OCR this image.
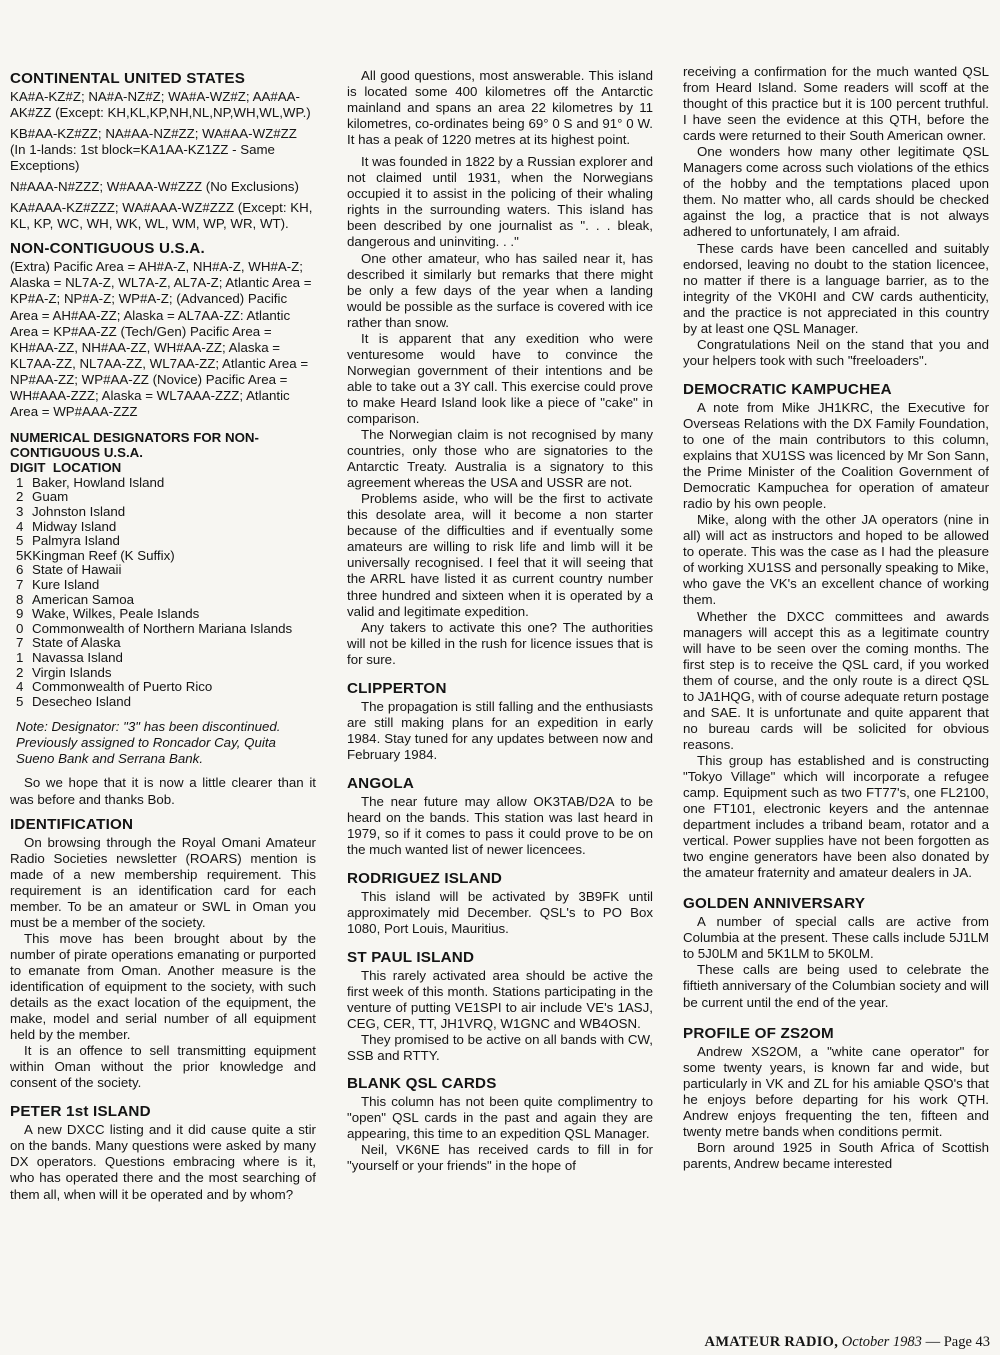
CONTINENTAL UNITED STATES

KA#A-KZ#Z; NA#A-NZ#Z; WA#A-WZ#Z; AA#AA-AK#ZZ (Except: KH,KL,KP,NH,NL,NP,WH,WL,WP.)

KB#AA-KZ#ZZ; NA#AA-NZ#ZZ; WA#AA-WZ#ZZ (In 1-lands: 1st block=KA1AA-KZ1ZZ - Same Exceptions)

N#AAA-N#ZZZ; W#AAA-W#ZZZ (No Exclusions)

KA#AAA-KZ#ZZZ; WA#AAA-WZ#ZZZ (Except: KH, KL, KP, WC, WH, WK, WL, WM, WP, WR, WT).

NON-CONTIGUOUS U.S.A.

(Extra) Pacific Area = AH#A-Z, NH#A-Z, WH#A-Z; Alaska = NL7A-Z, WL7A-Z, AL7A-Z; Atlantic Area = KP#A-Z; NP#A-Z; WP#A-Z; (Advanced) Pacific Area = AH#AA-ZZ; Alaska = AL7AA-ZZ: Atlantic Area = KP#AA-ZZ (Tech/Gen) Pacific Area = KH#AA-ZZ, NH#AA-ZZ, WH#AA-ZZ; Alaska = KL7AA-ZZ, NL7AA-ZZ, WL7AA-ZZ; Atlantic Area = NP#AA-ZZ; WP#AA-ZZ (Novice) Pacific Area = WH#AAA-ZZZ; Alaska = WL7AAA-ZZZ; Atlantic Area = WP#AAA-ZZZ

NUMERICAL DESIGNATORS FOR NON-
CONTIGUOUS U.S.A.
DIGIT  LOCATION
1 Baker, Howland Island
2 Guam
3 Johnston Island
4 Midway Island
5 Palmyra Island
5KKingman Reef (K Suffix)
6 State of Hawaii
7 Kure Island
8 American Samoa
9 Wake, Wilkes, Peale Islands
0 Commonwealth of Northern Mariana Islands
7 State of Alaska
1 Navassa Island
2 Virgin Islands
4 Commonwealth of Puerto Rico
5 Desecheo Island

Note: Designator: "3" has been discontinued. Previously assigned to Roncador Cay, Quita Sueno Bank and Serrana Bank.

So we hope that it is now a little clearer than it was before and thanks Bob.

IDENTIFICATION

On browsing through the Royal Omani Amateur Radio Societies newsletter (ROARS) mention is made of a new membership requirement. This requirement is an identification card for each member. To be an amateur or SWL in Oman you must be a member of the society.

This move has been brought about by the number of pirate operations emanating or purported to emanate from Oman. Another measure is the identification of equipment to the society, with such details as the exact location of the equipment, the make, model and serial number of all equipment held by the member.

It is an offence to sell transmitting equipment within Oman without the prior knowledge and consent of the society.

PETER 1st ISLAND

A new DXCC listing and it did cause quite a stir on the bands. Many questions were asked by many DX operators. Questions embracing where is it, who has operated there and the most searching of them all, when will it be operated and by whom?

All good questions, most answerable. This island is located some 400 kilometres off the Antarctic mainland and spans an area 22 kilometres by 11 kilometres, co-ordinates being 69° 0 S and 91° 0 W. It has a peak of 1220 metres at its highest point.

It was founded in 1822 by a Russian explorer and not claimed until 1931, when the Norwegians occupied it to assist in the policing of their whaling rights in the surrounding waters. This island has been described by one journalist as ". . . bleak, dangerous and uninviting. . ."

One other amateur, who has sailed near it, has described it similarly but remarks that there might be only a few days of the year when a landing would be possible as the surface is covered with ice rather than snow.

It is apparent that any exedition who were venturesome would have to convince the Norwegian government of their intentions and be able to take out a 3Y call. This exercise could prove to make Heard Island look like a piece of "cake" in comparison.

The Norwegian claim is not recognised by many countries, only those who are signatories to the Antarctic Treaty. Australia is a signatory to this agreement whereas the USA and USSR are not.

Problems aside, who will be the first to activate this desolate area, will it become a non starter because of the difficulties and if eventually some amateurs are willing to risk life and limb will it be universally recognised. I feel that it will seeing that the ARRL have listed it as current country number three hundred and sixteen when it is operated by a valid and legitimate expedition.

Any takers to activate this one? The authorities will not be killed in the rush for licence issues that is for sure.

CLIPPERTON

The propagation is still falling and the enthusiasts are still making plans for an expedition in early 1984. Stay tuned for any updates between now and February 1984.

ANGOLA

The near future may allow OK3TAB/D2A to be heard on the bands. This station was last heard in 1979, so if it comes to pass it could prove to be on the much wanted list of newer licencees.

RODRIGUEZ ISLAND

This island will be activated by 3B9FK until approximately mid December. QSL's to PO Box 1080, Port Louis, Mauritius.

ST PAUL ISLAND

This rarely activated area should be active the first week of this month. Stations participating in the venture of putting VE1SPI to air include VE's 1ASJ, CEG, CER, TT, JH1VRQ, W1GNC and WB4OSN.

They promised to be active on all bands with CW, SSB and RTTY.

BLANK QSL CARDS

This column has not been quite complimentry to "open" QSL cards in the past and again they are appearing, this time to an expedition QSL Manager.

Neil, VK6NE has received cards to fill in for "yourself or your friends" in the hope of

receiving a confirmation for the much wanted QSL from Heard Island. Some readers will scoff at the thought of this practice but it is 100 percent truthful. I have seen the evidence at this QTH, before the cards were returned to their South American owner.

One wonders how many other legitimate QSL Managers come across such violations of the ethics of the hobby and the temptations placed upon them. No matter who, all cards should be checked against the log, a practice that is not always adhered to unfortunately, I am afraid.

These cards have been cancelled and suitably endorsed, leaving no doubt to the station licencee, no matter if there is a language barrier, as to the integrity of the VK0HI and CW cards authenticity, and the practice is not appreciated in this country by at least one QSL Manager.

Congratulations Neil on the stand that you and your helpers took with such "freeloaders".

DEMOCRATIC KAMPUCHEA

A note from Mike JH1KRC, the Executive for Overseas Relations with the DX Family Foundation, to one of the main contributors to this column, explains that XU1SS was licenced by Mr Son Sann, the Prime Minister of the Coalition Government of Democratic Kampuchea for operation of amateur radio by his own people.

Mike, along with the other JA operators (nine in all) will act as instructors and hoped to be allowed to operate. This was the case as I had the pleasure of working XU1SS and personally speaking to Mike, who gave the VK's an excellent chance of working them.

Whether the DXCC committees and awards managers will accept this as a legitimate country will have to be seen over the coming months. The first step is to receive the QSL card, if you worked them of course, and the only route is a direct QSL to JA1HQG, with of course adequate return postage and SAE. It is unfortunate and quite apparent that no bureau cards will be solicited for obvious reasons.

This group has established and is constructing "Tokyo Village" which will incorporate a refugee camp. Equipment such as two FT77's, one FL2100, one FT101, electronic keyers and the antennae department includes a triband beam, rotator and a vertical. Power supplies have not been forgotten as two engine generators have been also donated by the amateur fraternity and amateur dealers in JA.

GOLDEN ANNIVERSARY

A number of special calls are active from Columbia at the present. These calls include 5J1LM to 5J0LM and 5K1LM to 5K0LM.

These calls are being used to celebrate the fiftieth anniversary of the Columbian society and will be current until the end of the year.

PROFILE OF ZS2OM

Andrew XS2OM, a "white cane operator" for some twenty years, is known far and wide, but particularly in VK and ZL for his amiable QSO's that he enjoys before departing for his work QTH. Andrew enjoys frequenting the ten, fifteen and twenty metre bands when conditions permit.

Born around 1925 in South Africa of Scottish parents, Andrew became interested

AMATEUR RADIO, October 1983 — Page 43
